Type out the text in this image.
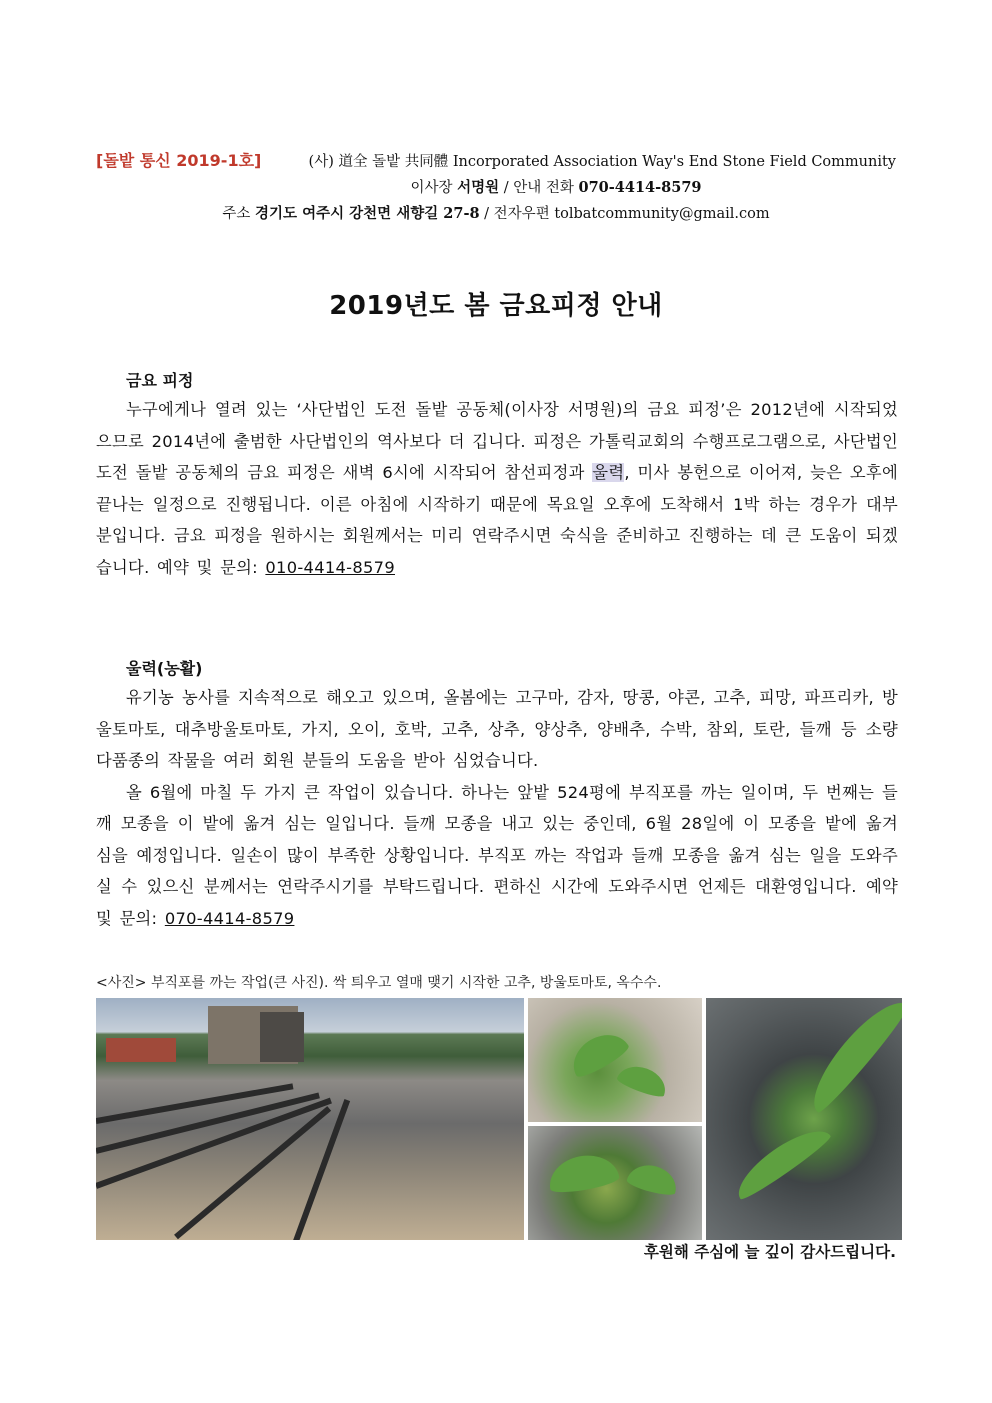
[돌밭 통신 2019-1호]	(사) 道全 돌밭 共同體 Incorporated Association Way's End Stone Field Community
이사장 서명원 / 안내 전화 070-4414-8579
주소 경기도 여주시 강천면 새향길 27-8 / 전자우편 tolbatcommunity@gmail.com
2019년도 봄 금요피정 안내
금요 피정

누구에게나 열려 있는 ‘사단법인 도전 돌밭 공동체(이사장 서명원)의 금요 피정’은 2012년에 시작되었으므로 2014년에 출범한 사단법인의 역사보다 더 깁니다. 피정은 가톨릭교회의 수행프로그램으로, 사단법인 도전 돌밭 공동체의 금요 피정은 새벽 6시에 시작되어 참선피정과 울력, 미사 봉헌으로 이어져, 늦은 오후에 끝나는 일정으로 진행됩니다. 이른 아침에 시작하기 때문에 목요일 오후에 도착해서 1박 하는 경우가 대부분입니다. 금요 피정을 원하시는 회원께서는 미리 연락주시면 숙식을 준비하고 진행하는 데 큰 도움이 되겠습니다. 예약 및 문의: 010-4414-8579

울력(농활)

유기농 농사를 지속적으로 해오고 있으며, 올봄에는 고구마, 감자, 땅콩, 야콘, 고추, 피망, 파프리카, 방울토마토, 대추방울토마토, 가지, 오이, 호박, 고추, 상추, 양상추, 양배추, 수박, 참외, 토란, 들깨 등 소량 다품종의 작물을 여러 회원 분들의 도움을 받아 심었습니다.

올 6월에 마칠 두 가지 큰 작업이 있습니다. 하나는 앞밭 524평에 부직포를 까는 일이며, 두 번째는 들깨 모종을 이 밭에 옮겨 심는 일입니다. 들깨 모종을 내고 있는 중인데, 6월 28일에 이 모종을 밭에 옮겨 심을 예정입니다. 일손이 많이 부족한 상황입니다. 부직포 까는 작업과 들깨 모종을 옮겨 심는 일을 도와주실 수 있으신 분께서는 연락주시기를 부탁드립니다. 편하신 시간에 도와주시면 언제든 대환영입니다. 예약 및 문의: 070-4414-8579

<사진> 부직포를 까는 작업(큰 사진). 싹 틔우고 열매 맺기 시작한 고추, 방울토마토, 옥수수.
후원해 주심에 늘 깊이 감사드립니다.
